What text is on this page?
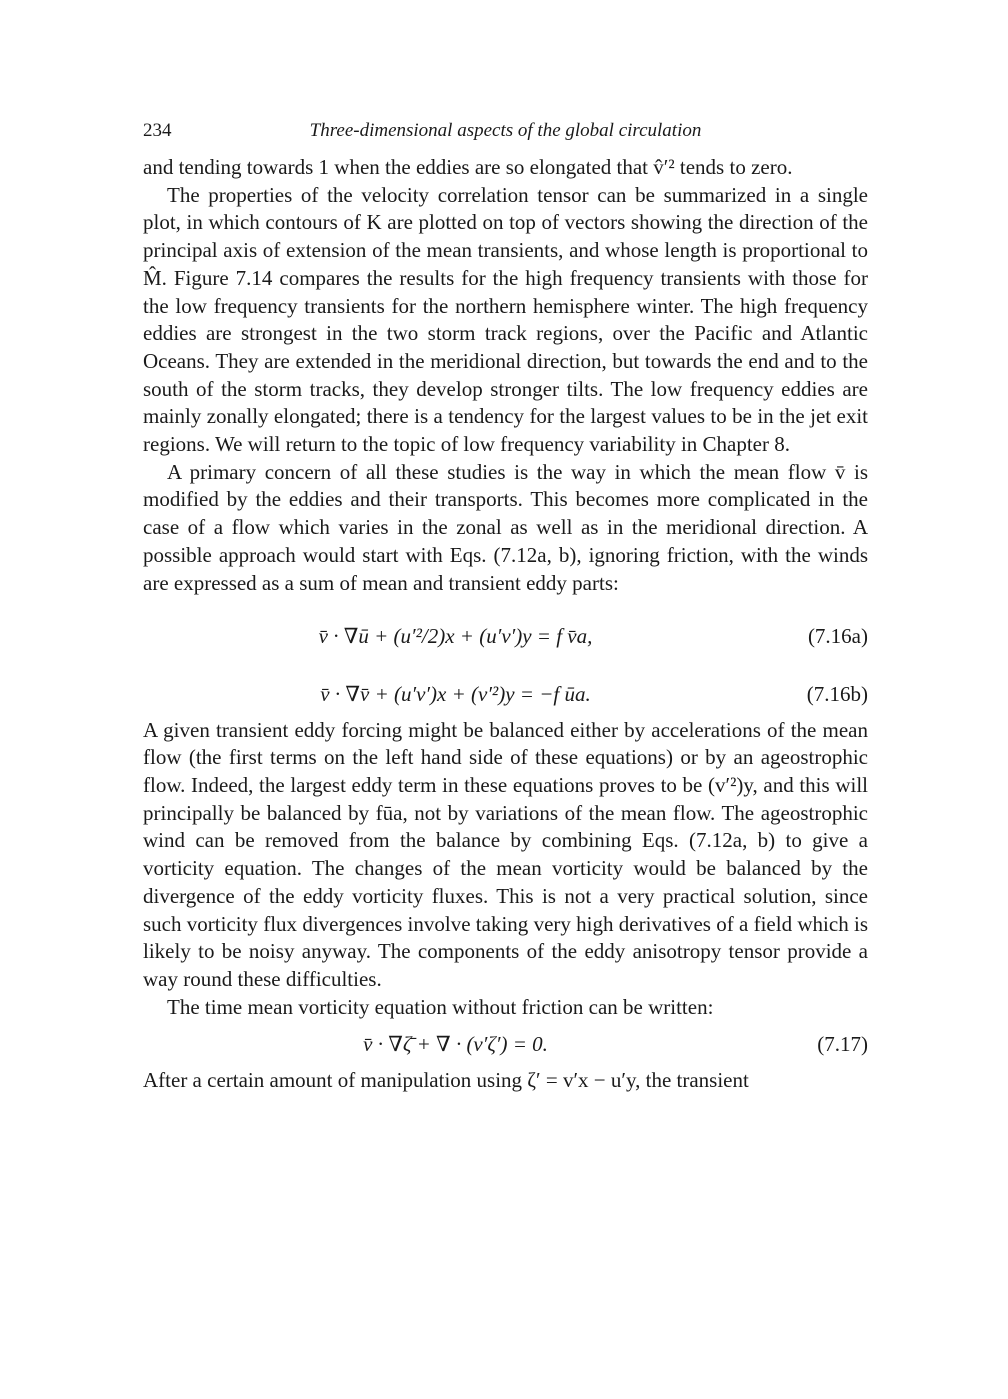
234	Three-dimensional aspects of the global circulation

and tending towards 1 when the eddies are so elongated that v̂′² tends to zero.

The properties of the velocity correlation tensor can be summarized in a single plot, in which contours of K are plotted on top of vectors showing the direction of the principal axis of extension of the mean transients, and whose length is proportional to M̂. Figure 7.14 compares the results for the high frequency transients with those for the low frequency transients for the northern hemisphere winter. The high frequency eddies are strongest in the two storm track regions, over the Pacific and Atlantic Oceans. They are extended in the meridional direction, but towards the end and to the south of the storm tracks, they develop stronger tilts. The low frequency eddies are mainly zonally elongated; there is a tendency for the largest values to be in the jet exit regions. We will return to the topic of low frequency variability in Chapter 8.

A primary concern of all these studies is the way in which the mean flow v̄ is modified by the eddies and their transports. This becomes more complicated in the case of a flow which varies in the zonal as well as in the meridional direction. A possible approach would start with Eqs. (7.12a, b), ignoring friction, with the winds are expressed as a sum of mean and transient eddy parts:

v̄ · ∇ū + (u′²/2)x + (u′v′)y = f v̄a,	(7.16a)
v̄ · ∇v̄ + (u′v′)x + (v′²)y = −f ūa.	(7.16b)

A given transient eddy forcing might be balanced either by accelerations of the mean flow (the first terms on the left hand side of these equations) or by an ageostrophic flow. Indeed, the largest eddy term in these equations proves to be (v′²)y, and this will principally be balanced by fūa, not by variations of the mean flow. The ageostrophic wind can be removed from the balance by combining Eqs. (7.12a, b) to give a vorticity equation. The changes of the mean vorticity would be balanced by the divergence of the eddy vorticity fluxes. This is not a very practical solution, since such vorticity flux divergences involve taking very high derivatives of a field which is likely to be noisy anyway. The components of the eddy anisotropy tensor provide a way round these difficulties.

The time mean vorticity equation without friction can be written:

v̄ · ∇ζ̄ + ∇ · (v′ζ′) = 0.	(7.17)

After a certain amount of manipulation using ζ′ = v′x − u′y, the transient
